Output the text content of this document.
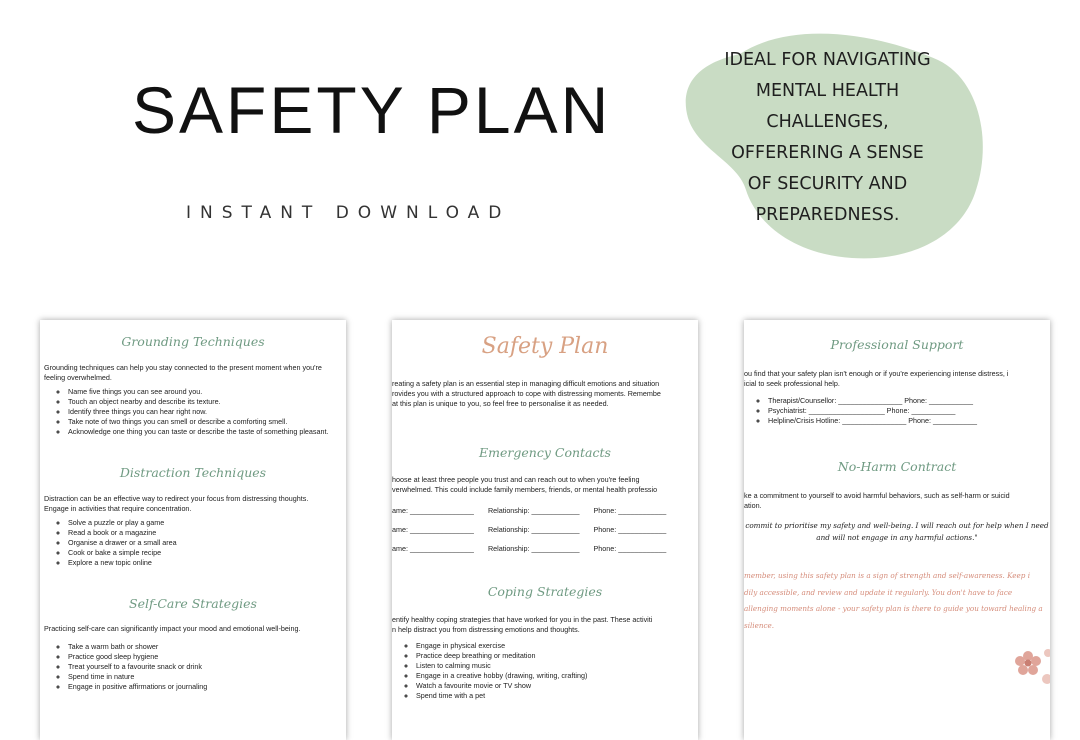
SAFETY PLAN
INSTANT DOWNLOAD
IDEAL FOR NAVIGATING
MENTAL HEALTH
CHALLENGES,
OFFERERING A SENSE
OF SECURITY AND
PREPAREDNESS.

Grounding Techniques

Grounding techniques can help you stay connected to the present moment when you're

feeling overwhelmed.

◦ Name five things you can see around you.
◦ Touch an object nearby and describe its texture.
◦ Identify three things you can hear right now.
◦ Take note of two things you can smell or describe a comforting smell.
◦ Acknowledge one thing you can taste or describe the taste of something pleasant.

Distraction Techniques

Distraction can be an effective way to redirect your focus from distressing thoughts.

Engage in activities that require concentration.

◦ Solve a puzzle or play a game
◦ Read a book or a magazine
◦ Organise a drawer or a small area
◦ Cook or bake a simple recipe
◦ Explore a new topic online

Self-Care Strategies

Practicing self-care can significantly impact your mood and emotional well-being.

◦ Take a warm bath or shower
◦ Practice good sleep hygiene
◦ Treat yourself to a favourite snack or drink
◦ Spend time in nature
◦ Engage in positive affirmations or journaling

Safety Plan

reating a safety plan is an essential step in managing difficult emotions and situation

rovides you with a structured approach to cope with distressing moments. Remembe

at this plan is unique to you, so feel free to personalise it as needed.

Emergency Contacts

hoose at least three people you trust and can reach out to when you're feeling

verwhelmed. This could include family members, friends, or mental health professio

ame: ________________ Relationship: ____________ Phone: ____________
ame: ________________ Relationship: ____________ Phone: ____________
ame: ________________ Relationship: ____________ Phone: ____________

Coping Strategies

entify healthy coping strategies that have worked for you in the past. These activiti

n help distract you from distressing emotions and thoughts.

◦ Engage in physical exercise
◦ Practice deep breathing or meditation
◦ Listen to calming music
◦ Engage in a creative hobby (drawing, writing, crafting)
◦ Watch a favourite movie or TV show
◦ Spend time with a pet

Professional Support

ou find that your safety plan isn't enough or if you're experiencing intense distress, i

icial to seek professional help.

◦ Therapist/Counsellor: ________________ Phone: ___________
◦ Psychiatrist: ___________________ Phone: ___________
◦ Helpline/Crisis Hotline: ________________ Phone: ___________

No-Harm Contract

ke a commitment to yourself to avoid harmful behaviors, such as self-harm or suicid

ation.

commit to prioritise my safety and well-being. I will reach out for help when I need
and will not engage in any harmful actions."
member, using this safety plan is a sign of strength and self-awareness. Keep i
dily accessible, and review and update it regularly. You don't have to face
allenging moments alone - your safety plan is there to guide you toward healing a
silience.
